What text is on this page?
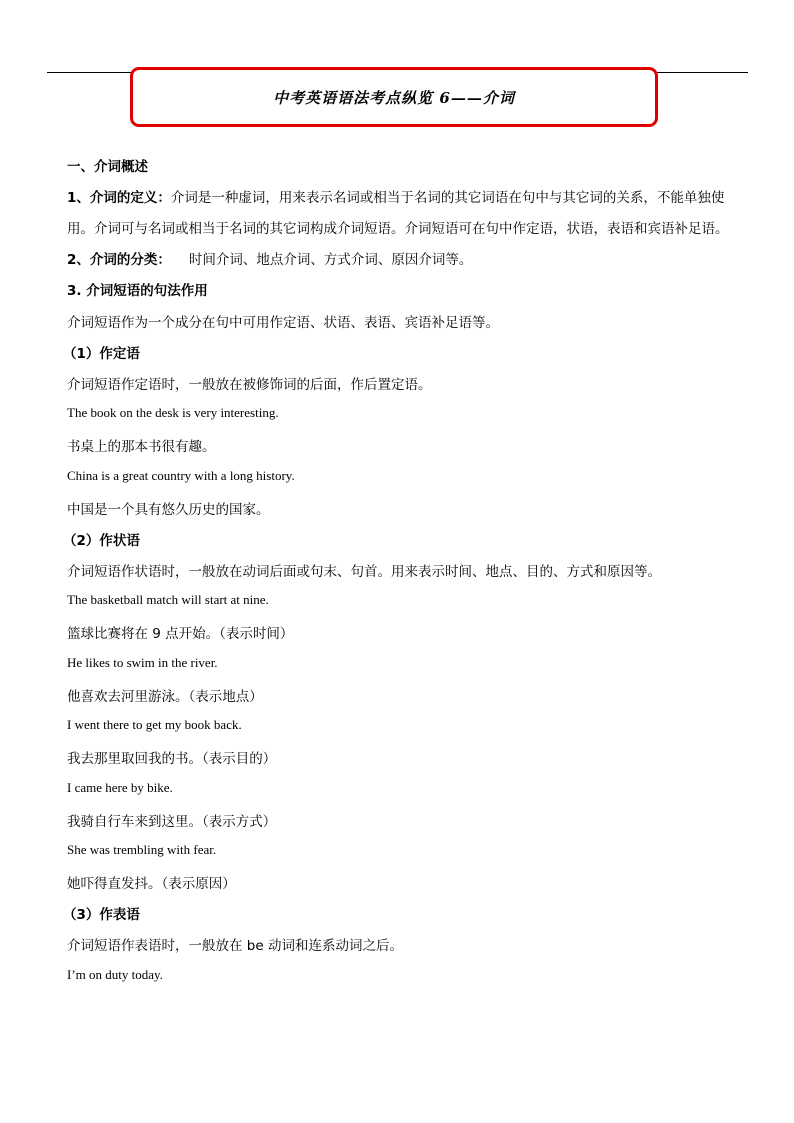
中考英语语法考点纵览 6——介词
一、介词概述
1、介词的定义：介词是一种虚词，用来表示名词或相当于名词的其它词语在句中与其它词的关系，不能单独使
用。介词可与名词或相当于名词的其它词构成介词短语。介词短语可在句中作定语，状语，表语和宾语补足语。
2、介词的分类： 时间介词、地点介词、方式介词、原因介词等。
3. 介词短语的句法作用
介词短语作为一个成分在句中可用作定语、状语、表语、宾语补足语等。
（1）作定语
介词短语作定语时，一般放在被修饰词的后面，作后置定语。
The book on the desk is very interesting.
书桌上的那本书很有趣。
China is a great country with a long history.
中国是一个具有悠久历史的国家。
（2）作状语
介词短语作状语时，一般放在动词后面或句末、句首。用来表示时间、地点、目的、方式和原因等。
The basketball match will start at nine.
篮球比赛将在 9 点开始。（表示时间）
He likes to swim in the river.
他喜欢去河里游泳。（表示地点）
I went there to get my book back.
我去那里取回我的书。（表示目的）
I came here by bike.
我骑自行车来到这里。（表示方式）
She was trembling with fear.
她吓得直发抖。（表示原因）
（3）作表语
介词短语作表语时，一般放在 be 动词和连系动词之后。
I’m on duty today.
